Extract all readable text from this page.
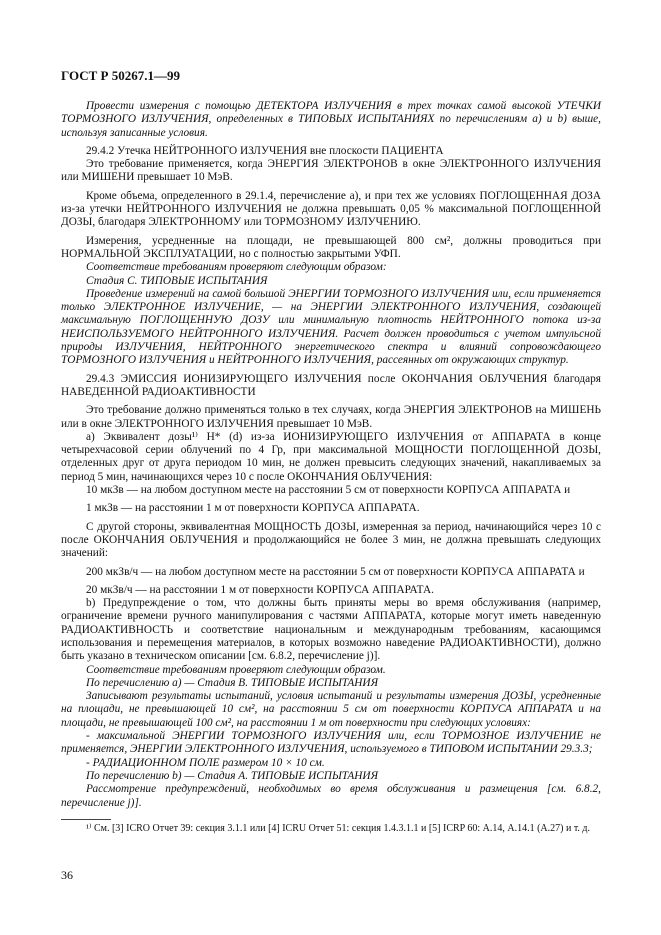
ГОСТ Р 50267.1—99

Провести измерения с помощью ДЕТЕКТОРА ИЗЛУЧЕНИЯ в трех точках самой высокой УТЕЧКИ ТОРМОЗНОГО ИЗЛУЧЕНИЯ, определенных в ТИПОВЫХ ИСПЫТАНИЯХ по перечислениям а) и b) выше, используя записанные условия.

29.4.2 Утечка НЕЙТРОННОГО ИЗЛУЧЕНИЯ вне плоскости ПАЦИЕНТА

Это требование применяется, когда ЭНЕРГИЯ ЭЛЕКТРОНОВ в окне ЭЛЕКТРОННОГО ИЗЛУЧЕНИЯ или МИШЕНИ превышает 10 МэВ.

Кроме объема, определенного в 29.1.4, перечисление а), и при тех же условиях ПОГЛОЩЕННАЯ ДОЗА из-за утечки НЕЙТРОННОГО ИЗЛУЧЕНИЯ не должна превышать 0,05 % максимальной ПОГЛОЩЕННОЙ ДОЗЫ, благодаря ЭЛЕКТРОННОМУ или ТОРМОЗНОМУ ИЗЛУЧЕНИЮ.

Измерения, усредненные на площади, не превышающей 800 см², должны проводиться при НОРМАЛЬНОЙ ЭКСПЛУАТАЦИИ, но с полностью закрытыми УФП.

Соответствие требованиям проверяют следующим образом:

Стадия С. ТИПОВЫЕ ИСПЫТАНИЯ

Проведение измерений на самой большой ЭНЕРГИИ ТОРМОЗНОГО ИЗЛУЧЕНИЯ или, если применяется только ЭЛЕКТРОННОЕ ИЗЛУЧЕНИЕ, — на ЭНЕРГИИ ЭЛЕКТРОННОГО ИЗЛУЧЕНИЯ, создающей максимальную ПОГЛОЩЕННУЮ ДОЗУ или минимальную плотность НЕЙТРОННОГО потока из-за НЕИСПОЛЬЗУЕМОГО НЕЙТРОННОГО ИЗЛУЧЕНИЯ. Расчет должен проводиться с учетом импульсной природы ИЗЛУЧЕНИЯ, НЕЙТРОННОГО энергетического спектра и влияний сопровождающего ТОРМОЗНОГО ИЗЛУЧЕНИЯ и НЕЙТРОННОГО ИЗЛУЧЕНИЯ, рассеянных от окружающих структур.

29.4.3 ЭМИССИЯ ИОНИЗИРУЮЩЕГО ИЗЛУЧЕНИЯ после ОКОНЧАНИЯ ОБЛУЧЕНИЯ благодаря НАВЕДЕННОЙ РАДИОАКТИВНОСТИ

Это требование должно применяться только в тех случаях, когда ЭНЕРГИЯ ЭЛЕКТРОНОВ на МИШЕНЬ или в окне ЭЛЕКТРОННОГО ИЗЛУЧЕНИЯ превышает 10 МэВ.

а) Эквивалент дозы¹⁾ Н* (d) из-за ИОНИЗИРУЮЩЕГО ИЗЛУЧЕНИЯ от АППАРАТА в конце четырехчасовой серии облучений по 4 Гр, при максимальной МОЩНОСТИ ПОГЛОЩЕННОЙ ДОЗЫ, отделенных друг от друга периодом 10 мин, не должен превысить следующих значений, накапливаемых за период 5 мин, начинающихся через 10 с после ОКОНЧАНИЯ ОБЛУЧЕНИЯ:

10 мкЗв — на любом доступном месте на расстоянии 5 см от поверхности КОРПУСА АППАРАТА и

1 мкЗв — на расстоянии 1 м от поверхности КОРПУСА АППАРАТА.

С другой стороны, эквивалентная МОЩНОСТЬ ДОЗЫ, измеренная за период, начинающийся через 10 с после ОКОНЧАНИЯ ОБЛУЧЕНИЯ и продолжающийся не более 3 мин, не должна превышать следующих значений:

200 мкЗв/ч — на любом доступном месте на расстоянии 5 см от поверхности КОРПУСА АППАРАТА и

20 мкЗв/ч — на расстоянии 1 м от поверхности КОРПУСА АППАРАТА.

b) Предупреждение о том, что должны быть приняты меры во время обслуживания (например, ограничение времени ручного манипулирования с частями АППАРАТА, которые могут иметь наведенную РАДИОАКТИВНОСТЬ и соответствие национальным и международным требованиям, касающимся использования и перемещения материалов, в которых возможно наведение РАДИОАКТИВНОСТИ), должно быть указано в техническом описании [см. 6.8.2, перечисление j)].

Соответствие требованиям проверяют следующим образом.

По перечислению а) — Стадия В. ТИПОВЫЕ ИСПЫТАНИЯ

Записывают результаты испытаний, условия испытаний и результаты измерения ДОЗЫ, усредненные на площади, не превышающей 10 см², на расстоянии 5 см от поверхности КОРПУСА АППАРАТА и на площади, не превышающей 100 см², на расстоянии 1 м от поверхности при следующих условиях:

- максимальной ЭНЕРГИИ ТОРМОЗНОГО ИЗЛУЧЕНИЯ или, если ТОРМОЗНОЕ ИЗЛУЧЕНИЕ не применяется, ЭНЕРГИИ ЭЛЕКТРОННОГО ИЗЛУЧЕНИЯ, используемого в ТИПОВОМ ИСПЫТАНИИ 29.3.3;

- РАДИАЦИОННОМ ПОЛЕ размером 10 × 10 см.

По перечислению b) — Стадия А. ТИПОВЫЕ ИСПЫТАНИЯ

Рассмотрение предупреждений, необходимых во время обслуживания и размещения [см. 6.8.2, перечисление j)].

¹⁾ См. [3] ICRO Отчет 39: секция 3.1.1 или [4] ICRU Отчет 51: секция 1.4.3.1.1 и [5] ICRP 60: А.14, А.14.1 (А.27) и т. д.
36
